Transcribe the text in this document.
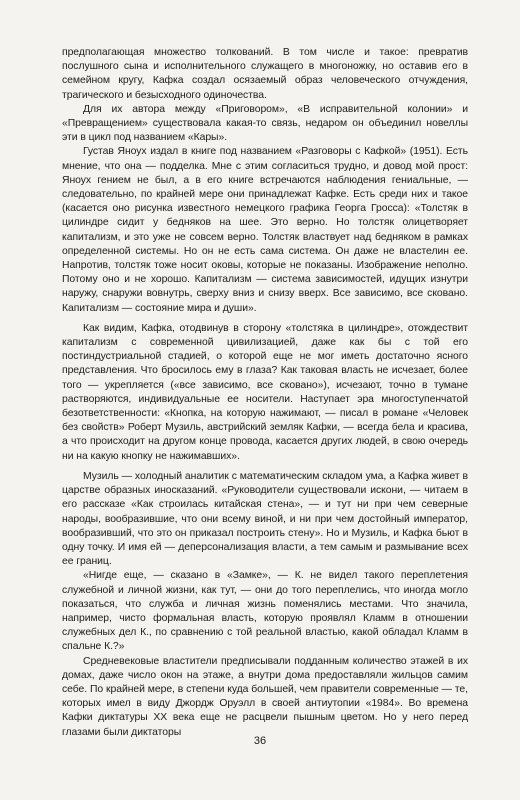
предполагающая множество толкований. В том числе и такое: превратив послушного сына и исполнительного служащего в многоножку, но оставив его в семейном кругу, Кафка создал осязаемый образ человеческого отчуждения, трагического и безысходного одиночества.

Для их автора между «Приговором», «В исправительной колонии» и «Превращением» существовала какая-то связь, недаром он объединил новеллы эти в цикл под названием «Кары».

Густав Яноух издал в книге под названием «Разговоры с Кафкой» (1951). Есть мнение, что она — подделка. Мне с этим согласиться трудно, и довод мой прост: Яноух гением не был, а в его книге встречаются наблюдения гениальные, — следовательно, по крайней мере они принадлежат Кафке. Есть среди них и такое (касается оно рисунка известного немецкого графика Георга Гросса): «Толстяк в цилиндре сидит у бедняков на шее. Это верно. Но толстяк олицетворяет капитализм, и это уже не совсем верно. Толстяк властвует над бедняком в рамках определенной системы. Но он не есть сама система. Он даже не властелин ее. Напротив, толстяк тоже носит оковы, которые не показаны. Изображение неполно. Потому оно и не хорошо. Капитализм — система зависимостей, идущих изнутри наружу, снаружи вовнутрь, сверху вниз и снизу вверх. Все зависимо, все сковано. Капитализм — состояние мира и души».

Как видим, Кафка, отодвинув в сторону «толстяка в цилиндре», отождествит капитализм с современной цивилизацией, даже как бы с той его постиндустриальной стадией, о которой еще не мог иметь достаточно ясного представления. Что бросилось ему в глаза? Как таковая власть не исчезает, более того — укрепляется («все зависимо, все сковано»), исчезают, точно в тумане растворяются, индивидуальные ее носители. Наступает эра многоступенчатой безответственности: «Кнопка, на которую нажимают, — писал в романе «Человек без свойств» Роберт Музиль, австрийский земляк Кафки, — всегда бела и красива, а что происходит на другом конце провода, касается других людей, в свою очередь ни на какую кнопку не нажимавших».

Музиль — холодный аналитик с математическим складом ума, а Кафка живет в царстве образных иносказаний. «Руководители существовали искони, — читаем в его рассказе «Как строилась китайская стена», — и тут ни при чем северные народы, вообразившие, что они всему виной, и ни при чем достойный император, вообразивший, что это он приказал построить стену». Но и Музиль, и Кафка бьют в одну точку. И имя ей — деперсонализация власти, а тем самым и размывание всех ее границ.

«Нигде еще, — сказано в «Замке», — К. не видел такого переплетения служебной и личной жизни, как тут, — они до того переплелись, что иногда могло показаться, что служба и личная жизнь поменялись местами. Что значила, например, чисто формальная власть, которую проявлял Кламм в отношении служебных дел К., по сравнению с той реальной властью, какой обладал Кламм в спальне К.?»

Средневековые властители предписывали подданным количество этажей в их домах, даже число окон на этаже, а внутри дома предоставляли жильцов самим себе. По крайней мере, в степени куда большей, чем правители современные — те, которых имел в виду Джордж Оруэлл в своей антиутопии «1984». Во времена Кафки диктатуры XX века еще не расцвели пышным цветом. Но у него перед глазами были диктаторы

36
